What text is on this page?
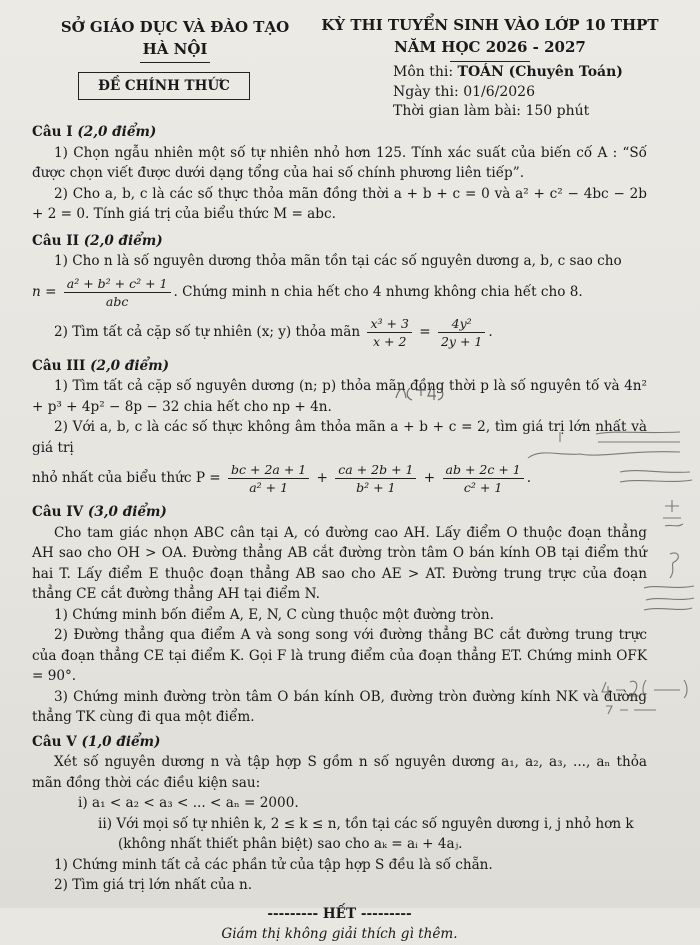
SỞ GIÁO DỤC VÀ ĐÀO TẠO
HÀ NỘI
ĐỀ CHÍNH THỨC
KỲ THI TUYỂN SINH VÀO LỚP 10 THPT
NĂM HỌC 2026 - 2027
Môn thi: TOÁN (Chuyên Toán)
Ngày thi: 01/6/2026
Thời gian làm bài: 150 phút
Câu I (2,0 điểm)

1) Chọn ngẫu nhiên một số tự nhiên nhỏ hơn 125. Tính xác suất của biến cố A : “Số được chọn viết được dưới dạng tổng của hai số chính phương liên tiếp”.

2) Cho a, b, c là các số thực thỏa mãn đồng thời a + b + c = 0 và a² + c² − 4bc − 2b + 2 = 0. Tính giá trị của biểu thức M = abc.

Câu II (2,0 điểm)

1) Cho n là số nguyên dương thỏa mãn tồn tại các số nguyên dương a, b, c sao cho

$n = \frac{\text{a² + b² + c² + 1}}{\text{abc}}$ . Chứng minh n chia hết cho 4 nhưng không chia hết cho 8.
2) Tìm tất cả cặp số tự nhiên (x; y) thỏa mãn $\frac{\text{x³ + 3}}{x + 2} = \frac{\text{4y²}}{2y + 1}$ .
Câu III (2,0 điểm)

1) Tìm tất cả cặp số nguyên dương (n; p) thỏa mãn đồng thời p là số nguyên tố và 4n² + p³ + 4p² − 8p − 32 chia hết cho np + 4n.

2) Với a, b, c là các số thực không âm thỏa mãn a + b + c = 2, tìm giá trị lớn nhất và giá trị

nhỏ nhất của biểu thức $P = \frac{bc + 2a + 1}{\text{a² + 1}} + \frac{ca + 2b + 1}{\text{b² + 1}} + \frac{ab + 2c + 1}{\text{c² + 1}}$ .
Câu IV (3,0 điểm)

Cho tam giác nhọn ABC cân tại A, có đường cao AH. Lấy điểm O thuộc đoạn thẳng AH sao cho OH > OA. Đường thẳng AB cắt đường tròn tâm O bán kính OB tại điểm thứ hai T. Lấy điểm E thuộc đoạn thẳng AB sao cho AE > AT. Đường trung trực của đoạn thẳng CE cắt đường thẳng AH tại điểm N.

1) Chứng minh bốn điểm A, E, N, C cùng thuộc một đường tròn.

2) Đường thẳng qua điểm A và song song với đường thẳng BC cắt đường trung trực của đoạn thẳng CE tại điểm K. Gọi F là trung điểm của đoạn thẳng ET. Chứng minh OFK = 90°.

3) Chứng minh đường tròn tâm O bán kính OB, đường tròn đường kính NK và đường thẳng TK cùng đi qua một điểm.

Câu V (1,0 điểm)

Xét số nguyên dương n và tập hợp S gồm n số nguyên dương a₁, a₂, a₃, ..., aₙ thỏa mãn đồng thời các điều kiện sau:

i) a₁ < a₂ < a₃ < ... < aₙ = 2000.

ii) Với mọi số tự nhiên k, 2 ≤ k ≤ n, tồn tại các số nguyên dương i, j nhỏ hơn k (không nhất thiết phân biệt) sao cho aₖ = aᵢ + 4aⱼ.

1) Chứng minh tất cả các phần tử của tập hợp S đều là số chẵn.

2) Tìm giá trị lớn nhất của n.

--------- HẾT ---------
Giám thị không giải thích gì thêm.
